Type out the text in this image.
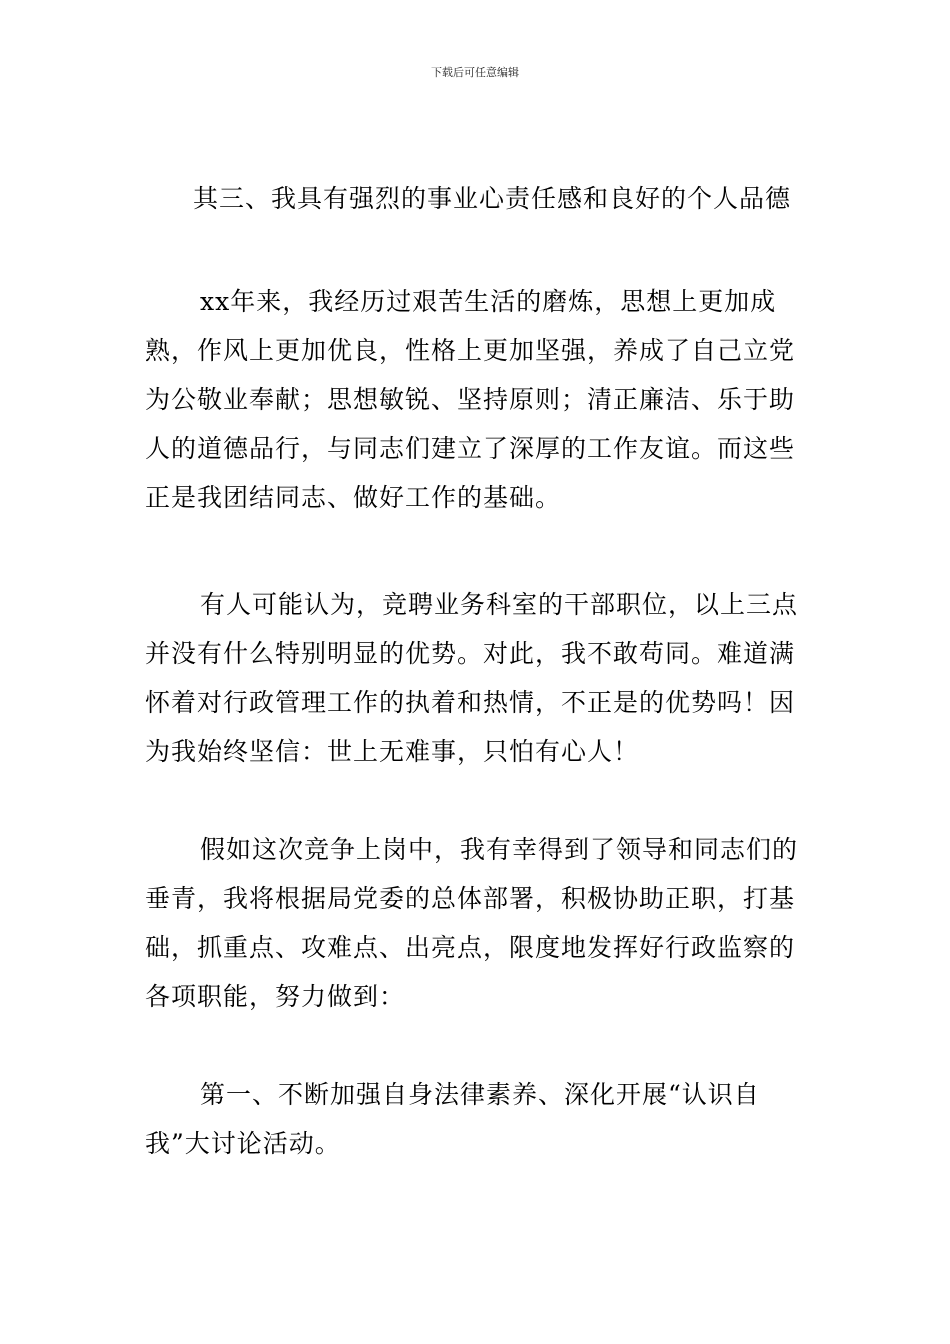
下载后可任意编辑
其三、我具有强烈的事业心责任感和良好的个人品德
xx年来，我经历过艰苦生活的磨炼，思想上更加成熟，作风上更加优良，性格上更加坚强，养成了自己立党为公敬业奉献；思想敏锐、坚持原则；清正廉洁、乐于助人的道德品行，与同志们建立了深厚的工作友谊。而这些正是我团结同志、做好工作的基础。
有人可能认为，竞聘业务科室的干部职位，以上三点并没有什么特别明显的优势。对此，我不敢苟同。难道满怀着对行政管理工作的执着和热情，不正是的优势吗！因为我始终坚信：世上无难事，只怕有心人！
假如这次竞争上岗中，我有幸得到了领导和同志们的垂青，我将根据局党委的总体部署，积极协助正职，打基础，抓重点、攻难点、出亮点，限度地发挥好行政监察的各项职能，努力做到：
第一、不断加强自身法律素养、深化开展“认识自我”大讨论活动。
